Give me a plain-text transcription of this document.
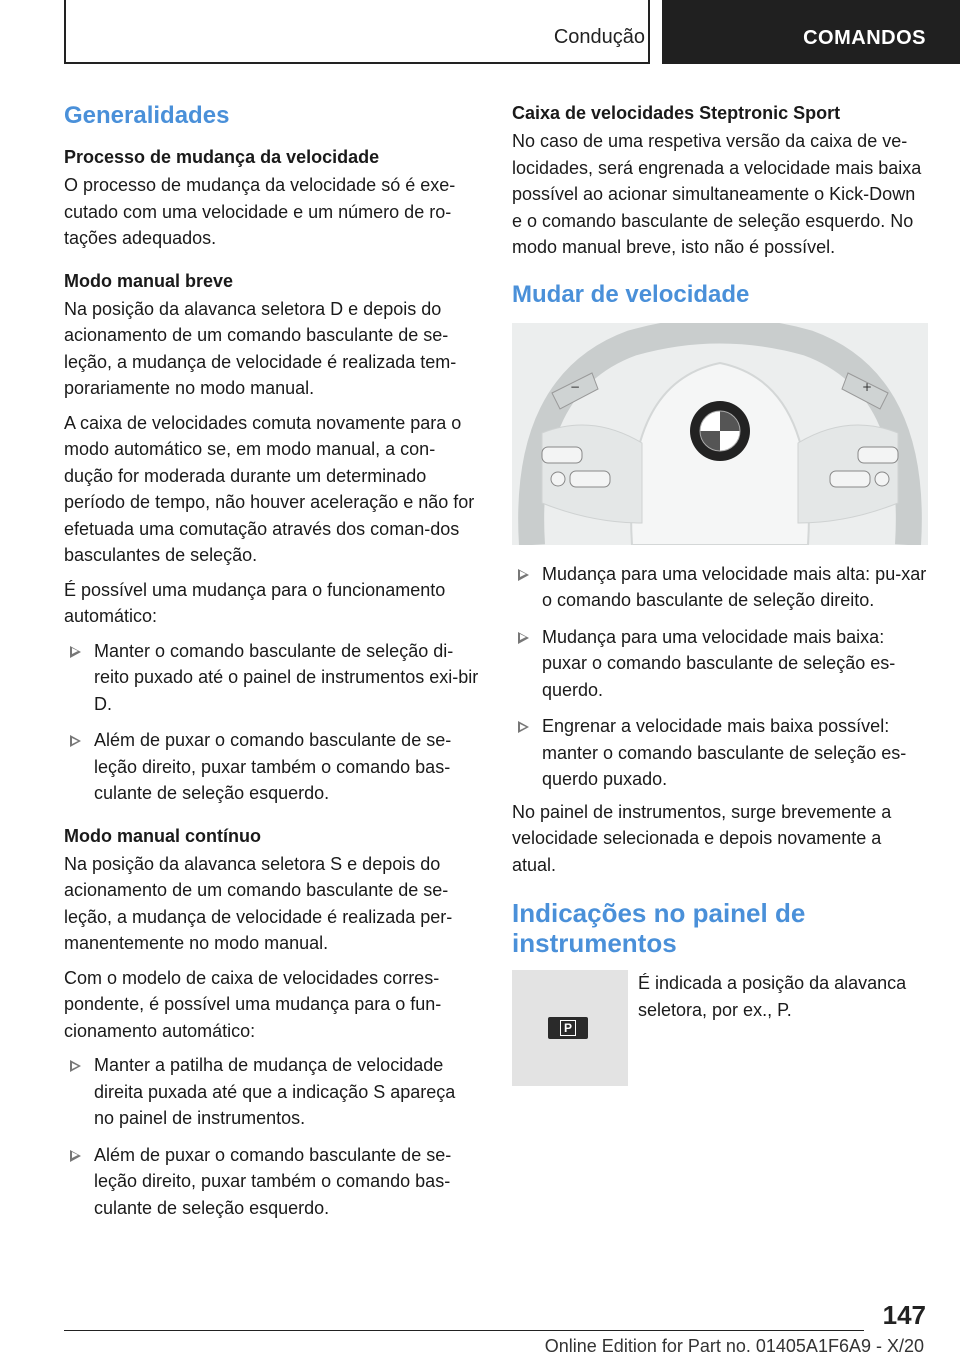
Condução	COMANDOS
Generalidades
Processo de mudança da velocidade

O processo de mudança da velocidade só é exe-cutado com uma velocidade e um número de ro-tações adequados.

Modo manual breve

Na posição da alavanca seletora D e depois do acionamento de um comando basculante de se-leção, a mudança de velocidade é realizada tem-porariamente no modo manual.

A caixa de velocidades comuta novamente para o modo automático se, em modo manual, a con-dução for moderada durante um determinado período de tempo, não houver aceleração e não for efetuada uma comutação através dos coman-dos basculantes de seleção.

É possível uma mudança para o funcionamento automático:

Manter o comando basculante de seleção di-reito puxado até o painel de instrumentos exi-bir D.
Além de puxar o comando basculante de se-leção direito, puxar também o comando bas-culante de seleção esquerdo.
Modo manual contínuo

Na posição da alavanca seletora S e depois do acionamento de um comando basculante de se-leção, a mudança de velocidade é realizada per-manentemente no modo manual.

Com o modelo de caixa de velocidades corres-pondente, é possível uma mudança para o fun-cionamento automático:

Manter a patilha de mudança de velocidade direita puxada até que a indicação S apareça no painel de instrumentos.
Além de puxar o comando basculante de se-leção direito, puxar também o comando bas-culante de seleção esquerdo.
Caixa de velocidades Steptronic Sport

No caso de uma respetiva versão da caixa de ve-locidades, será engrenada a velocidade mais baixa possível ao acionar simultaneamente o Kick-Down e o comando basculante de seleção esquerdo. No modo manual breve, isto não é possível.

Mudar de velocidade
−	+
Mudança para uma velocidade mais alta: pu-xar o comando basculante de seleção direito.
Mudança para uma velocidade mais baixa: puxar o comando basculante de seleção es-querdo.
Engrenar a velocidade mais baixa possível: manter o comando basculante de seleção es-querdo puxado.

No painel de instrumentos, surge brevemente a velocidade selecionada e depois novamente a atual.

Indicações no painel de instrumentos
P

É indicada a posição da alavanca seletora, por ex., P.

147
Online Edition for Part no. 01405A1F6A9 - X/20
